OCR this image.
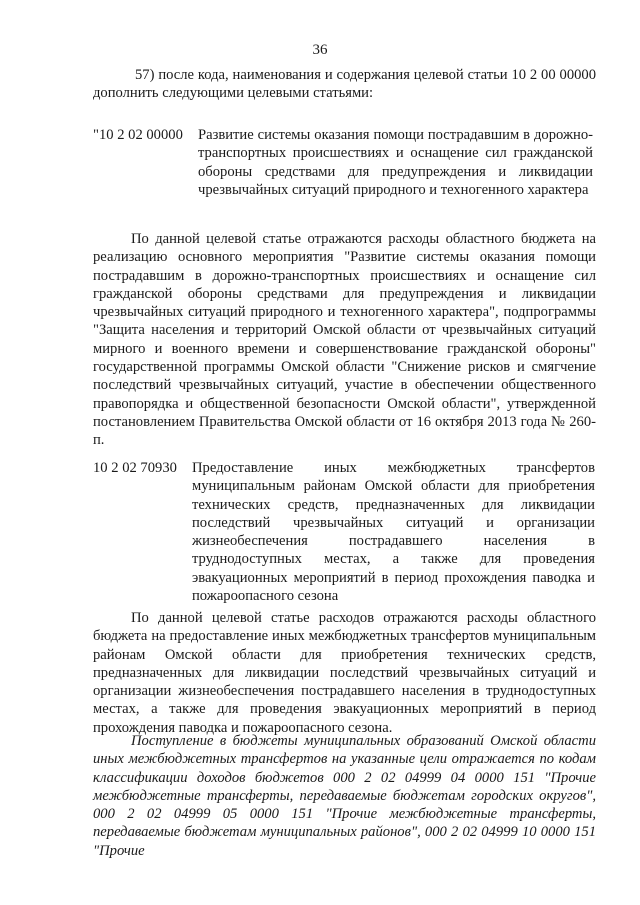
36
57) после кода, наименования и содержания целевой статьи 10 2 00 00000 дополнить следующими целевыми статьями:
"10 2 02 00000 Развитие системы оказания помощи пострадавшим в дорожно-транспортных происшествиях и оснащение сил гражданской обороны средствами для предупреждения и ликвидации чрезвычайных ситуаций природного и техногенного характера
По данной целевой статье отражаются расходы областного бюджета на реализацию основного мероприятия "Развитие системы оказания помощи пострадавшим в дорожно-транспортных происшествиях и оснащение сил гражданской обороны средствами для предупреждения и ликвидации чрезвычайных ситуаций природного и техногенного характера", подпрограммы "Защита населения и территорий Омской области от чрезвычайных ситуаций мирного и военного времени и совершенствование гражданской обороны" государственной программы Омской области "Снижение рисков и смягчение последствий чрезвычайных ситуаций, участие в обеспечении общественного правопорядка и общественной безопасности Омской области", утвержденной постановлением Правительства Омской области от 16 октября 2013 года № 260-п.
10 2 02 70930 Предоставление иных межбюджетных трансфертов муниципальным районам Омской области для приобретения технических средств, предназначенных для ликвидации последствий чрезвычайных ситуаций и организации жизнеобеспечения пострадавшего населения в труднодоступных местах, а также для проведения эвакуационных мероприятий в период прохождения паводка и пожароопасного сезона
По данной целевой статье расходов отражаются расходы областного бюджета на предоставление иных межбюджетных трансфертов муниципальным районам Омской области для приобретения технических средств, предназначенных для ликвидации последствий чрезвычайных ситуаций и организации жизнеобеспечения пострадавшего населения в труднодоступных местах, а также для проведения эвакуационных мероприятий в период прохождения паводка и пожароопасного сезона.
Поступление в бюджеты муниципальных образований Омской области иных межбюджетных трансфертов на указанные цели отражается по кодам классификации доходов бюджетов 000 2 02 04999 04 0000 151 "Прочие межбюджетные трансферты, передаваемые бюджетам городских округов", 000 2 02 04999 05 0000 151 "Прочие межбюджетные трансферты, передаваемые бюджетам муниципальных районов", 000 2 02 04999 10 0000 151 "Прочие
